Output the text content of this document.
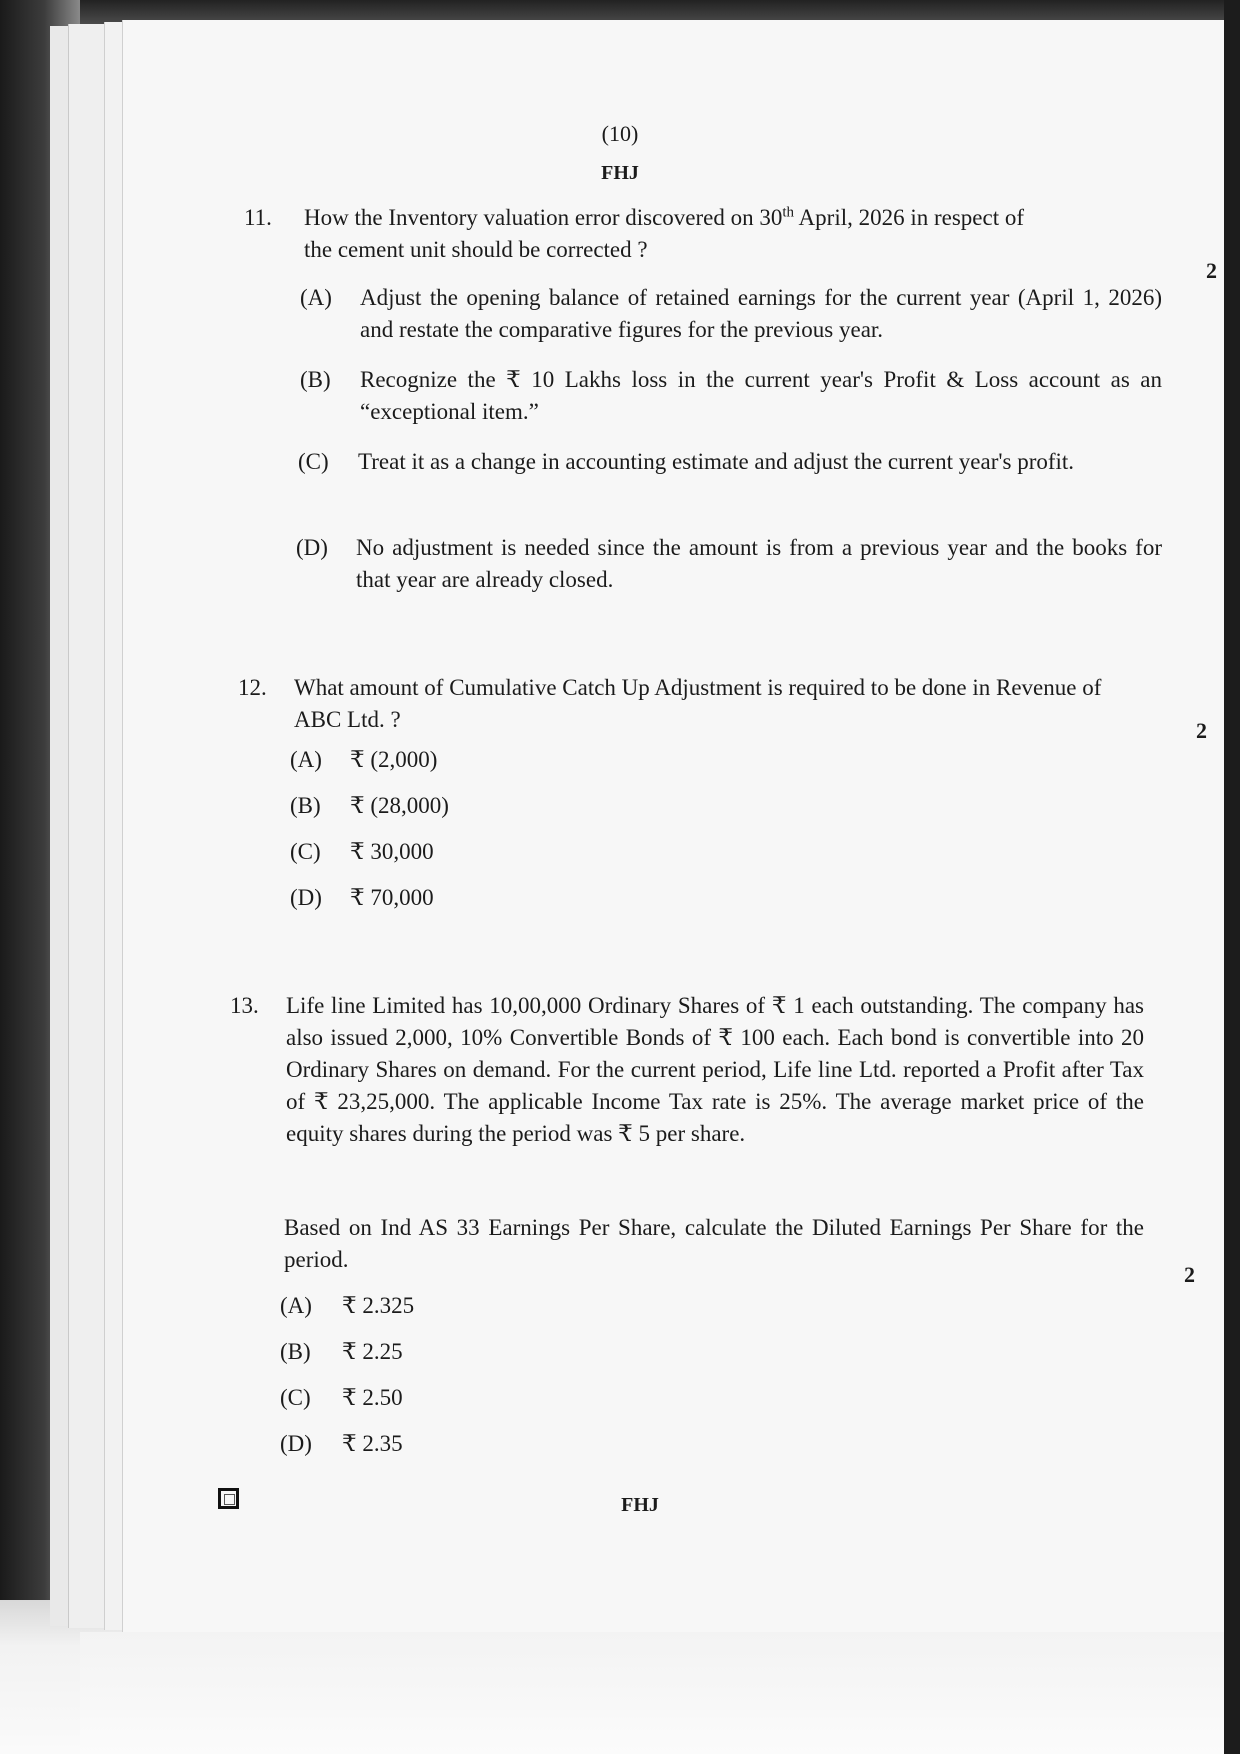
(10)
FHJ
11. How the Inventory valuation error discovered on 30th April, 2026 in respect of
the cement unit should be corrected ?
(A) Adjust the opening balance of retained earnings for the current year (April 1, 2026) and restate the comparative figures for the previous year.
(B) Recognize the ₹ 10 Lakhs loss in the current year's Profit & Loss account as an “exceptional item.”
(C) Treat it as a change in accounting estimate and adjust the current year's profit.
(D) No adjustment is needed since the amount is from a previous year and the books for that year are already closed.
2
12. What amount of Cumulative Catch Up Adjustment is required to be done in Revenue of ABC Ltd. ?
(A) ₹ (2,000)
(B) ₹ (28,000)
(C) ₹ 30,000
(D) ₹ 70,000
2
13. Life line Limited has 10,00,000 Ordinary Shares of ₹ 1 each outstanding. The company has also issued 2,000, 10% Convertible Bonds of ₹ 100 each. Each bond is convertible into 20 Ordinary Shares on demand. For the current period, Life line Ltd. reported a Profit after Tax of ₹ 23,25,000. The applicable Income Tax rate is 25%. The average market price of the equity shares during the period was ₹ 5 per share.
Based on Ind AS 33 Earnings Per Share, calculate the Diluted Earnings Per Share for the period.
(A) ₹ 2.325
(B) ₹ 2.25
(C) ₹ 2.50
(D) ₹ 2.35
2
FHJ
